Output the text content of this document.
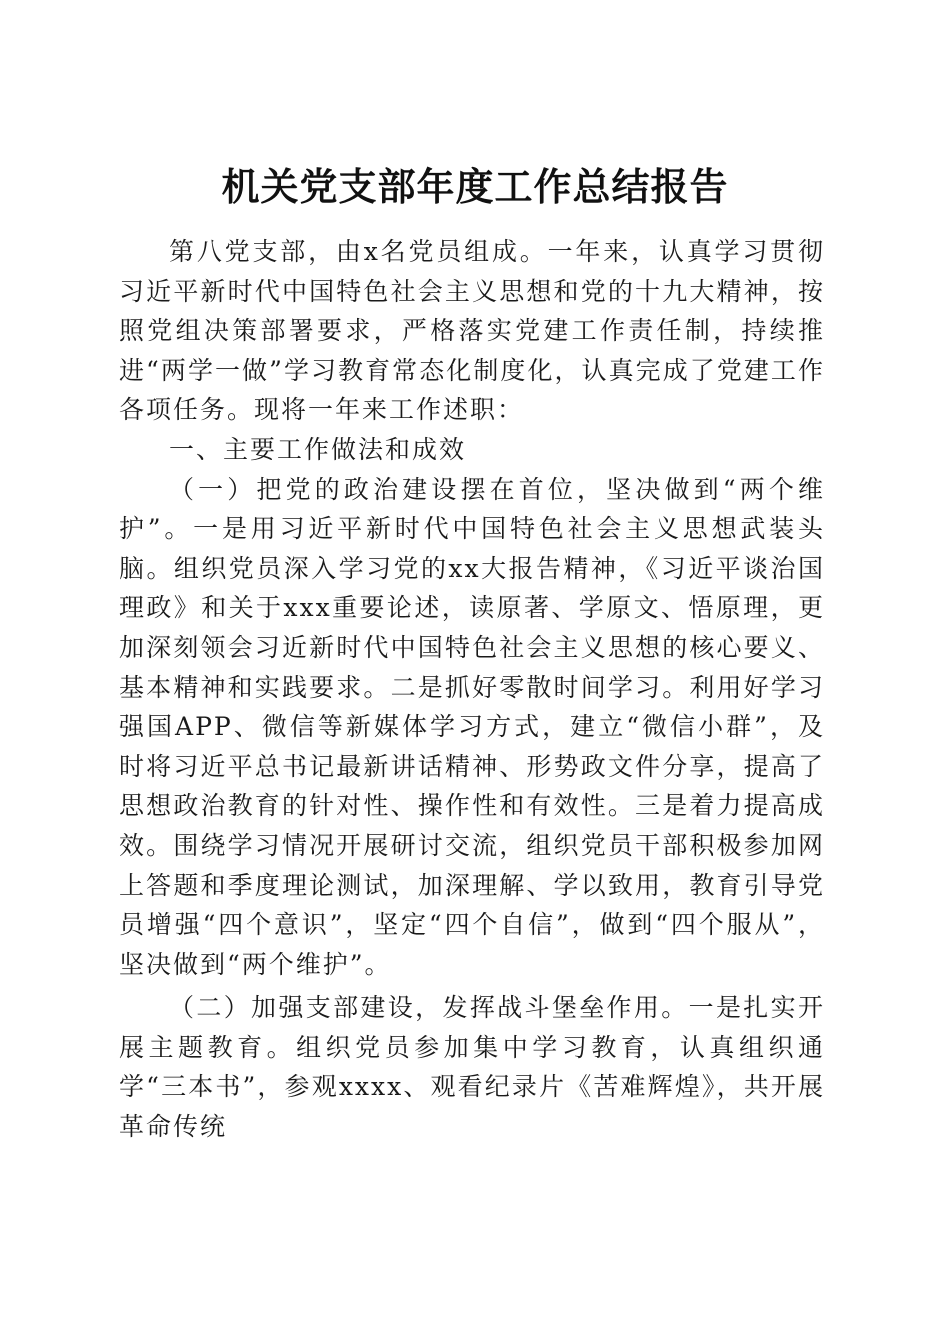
机关党支部年度工作总结报告

第八党支部，由x名党员组成。一年来，认真学习贯彻习近平新时代中国特色社会主义思想和党的十九大精神，按照党组决策部署要求，严格落实党建工作责任制，持续推进“两学一做”学习教育常态化制度化，认真完成了党建工作各项任务。现将一年来工作述职：

一、主要工作做法和成效

（一）把党的政治建设摆在首位，坚决做到“两个维护”。一是用习近平新时代中国特色社会主义思想武装头脑。组织党员深入学习党的xx大报告精神，《习近平谈治国理政》和关于xxx重要论述，读原著、学原文、悟原理，更加深刻领会习近新时代中国特色社会主义思想的核心要义、基本精神和实践要求。二是抓好零散时间学习。利用好学习强国APP、微信等新媒体学习方式，建立“微信小群”，及时将习近平总书记最新讲话精神、形势政文件分享，提高了思想政治教育的针对性、操作性和有效性。三是着力提高成效。围绕学习情况开展研讨交流，组织党员干部积极参加网上答题和季度理论测试，加深理解、学以致用，教育引导党员增强“四个意识”，坚定“四个自信”，做到“四个服从”，坚决做到“两个维护”。

（二）加强支部建设，发挥战斗堡垒作用。一是扎实开展主题教育。组织党员参加集中学习教育，认真组织通学“三本书”，参观xxxx、观看纪录片《苦难辉煌》，共开展革命传统
